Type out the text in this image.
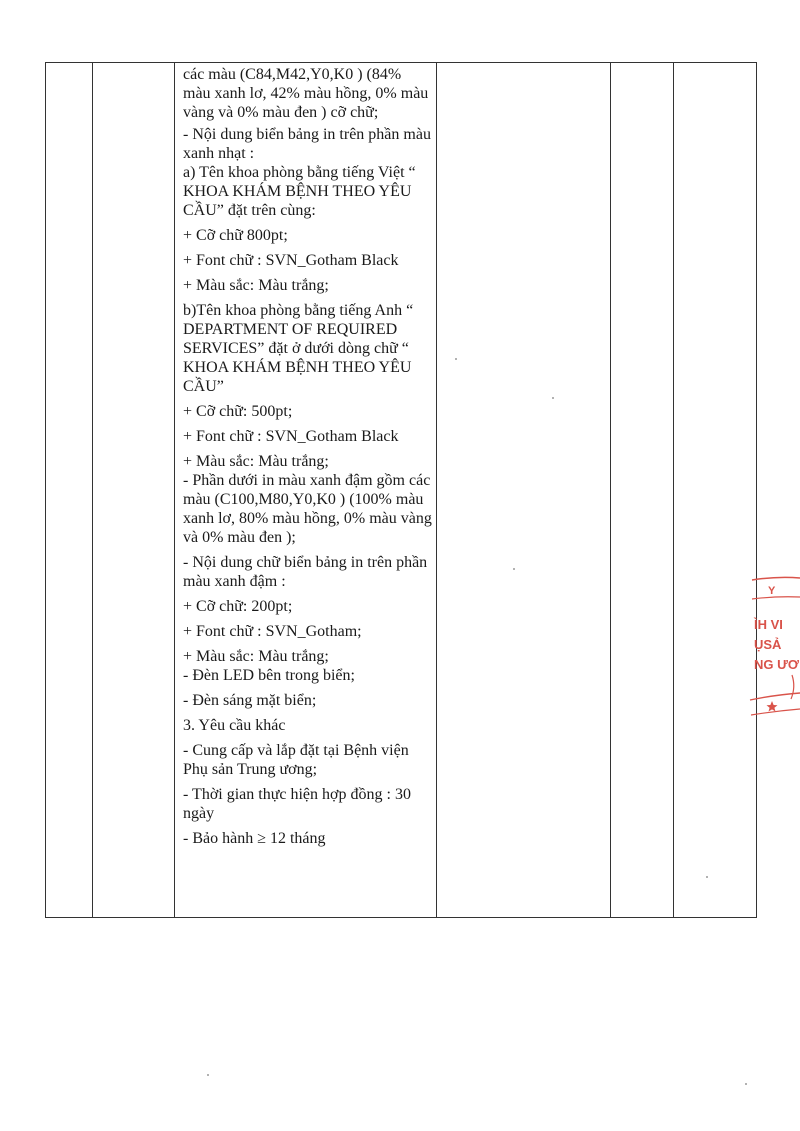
các màu (C84,M42,Y0,K0 ) (84% màu xanh lơ, 42% màu hồng, 0% màu vàng và 0% màu đen ) cỡ chữ;
- Nội dung biển bảng in trên phần màu xanh nhạt :
a) Tên khoa phòng bằng tiếng Việt “ KHOA KHÁM BỆNH THEO YÊU CẦU” đặt trên cùng:
+ Cỡ chữ 800pt;
+ Font chữ : SVN_Gotham Black
+ Màu sắc: Màu trắng;
b)Tên khoa phòng bằng tiếng Anh “ DEPARTMENT OF REQUIRED SERVICES” đặt ở dưới dòng chữ “ KHOA KHÁM BỆNH THEO YÊU CẦU”
+ Cỡ chữ: 500pt;
+ Font chữ : SVN_Gotham Black
+ Màu sắc: Màu trắng;
- Phần dưới in màu xanh đậm gồm các màu (C100,M80,Y0,K0 ) (100% màu xanh lơ, 80% màu hồng, 0% màu vàng và 0% màu đen );
- Nội dung chữ biển bảng in trên phần màu xanh đậm :
+ Cỡ chữ: 200pt;
+ Font chữ : SVN_Gotham;
+ Màu sắc: Màu trắng;
- Đèn LED bên trong biển;
- Đèn sáng mặt biển;
3. Yêu cầu khác
- Cung cấp và lắp đặt tại Bệnh viện Phụ sản Trung ương;
- Thời gian thực hiện hợp đồng : 30 ngày
- Bảo hành ≥ 12 tháng

Y
ÌH VI
ỤSẢ
NG ƯƠ
